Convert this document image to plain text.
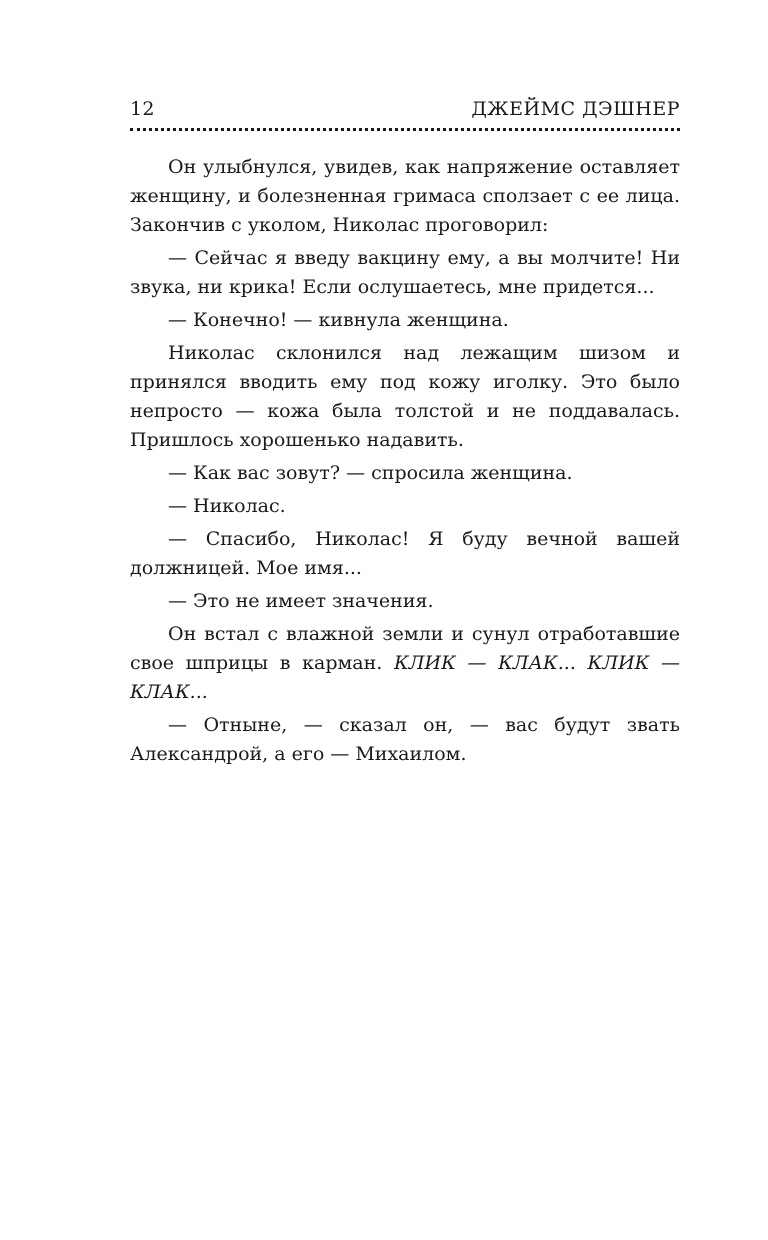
12	ДЖЕЙМС ДЭШНЕР

Он улыбнулся, увидев, как напряжение оставляет женщину, и болезненная гримаса сползает с ее лица. Закончив с уколом, Николас проговорил:

— Сейчас я введу вакцину ему, а вы молчите! Ни звука, ни крика! Если ослушаетесь, мне придется...

— Конечно! — кивнула женщина.

Николас склонился над лежащим шизом и принялся вводить ему под кожу иголку. Это было непросто — кожа была толстой и не поддавалась. Пришлось хорошенько надавить.

— Как вас зовут? — спросила женщина.

— Николас.

— Спасибо, Николас! Я буду вечной вашей должницей. Мое имя...

— Это не имеет значения.

Он встал с влажной земли и сунул отработавшие свое шприцы в карман. КЛИК — КЛАК... КЛИК — КЛАК...

— Отныне, — сказал он, — вас будут звать Александрой, а его — Михаилом.
